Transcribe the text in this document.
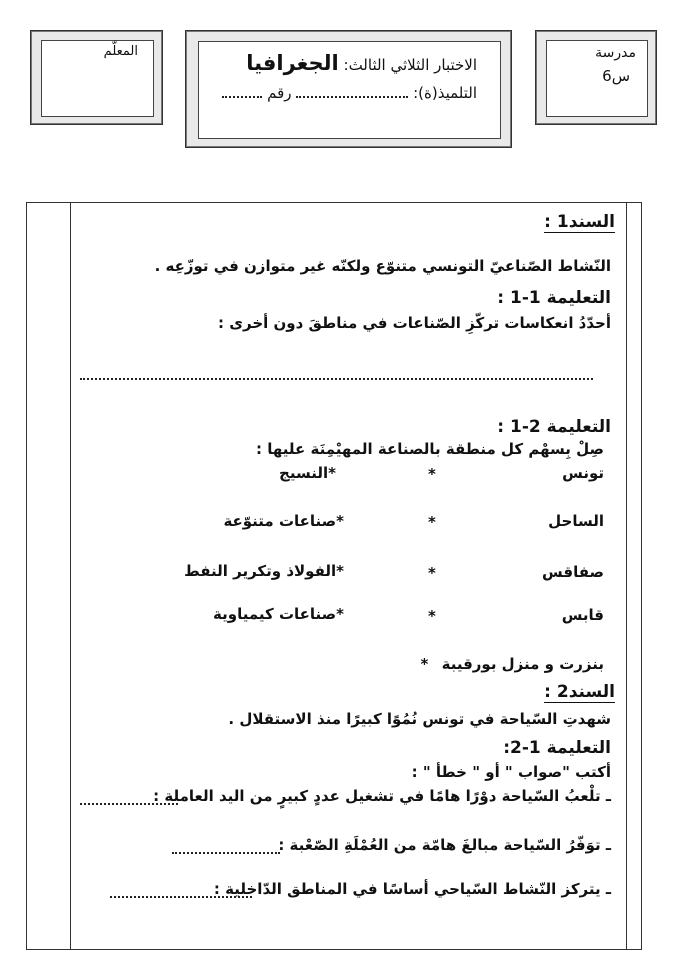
المعلّم
الاختبار الثلاثي الثالث: الجغرافيا
التلميذ(ة):  رقم
مدرسة
س6
السند1 :
النّشاط الصّناعيّ التونسي متنوّع ولكنّه غير متوازن في توزّعِه .
التعليمة 1-1 :
أحدّدُ انعكاسات تركّزِ الصّناعات في مناطقَ دون أخرى :
التعليمة 2-1 :
صِلْ بِسهْم كل منطقة بالصناعة المهيْمِنَة عليها :
تونس
*
*النسيج
الساحل
*
*صناعات متنوّعة
صفاقس
*
*الفولاذ وتكرير النفط
قابس
*
*صناعات كيمياوية
بنزرت و منزل بورقيبة *
السند2 :
شهدتِ السّياحة في تونس نُمُوًا كبيرًا منذ الاستقلال .
التعليمة 1-2:
أكتب "صواب " أو " خطأ " :
ـ تلْعبُ السّياحة دوْرًا هامًا في تشغيل عددٍ كبيرٍ من اليد العاملة :
ـ توَفّرُ السّياحة مبالغَ هامّة من العُمْلَةِ الصّعْبة :
ـ يتركز النّشاط السّياحي أساسًا في المناطق الدّاخلية :
